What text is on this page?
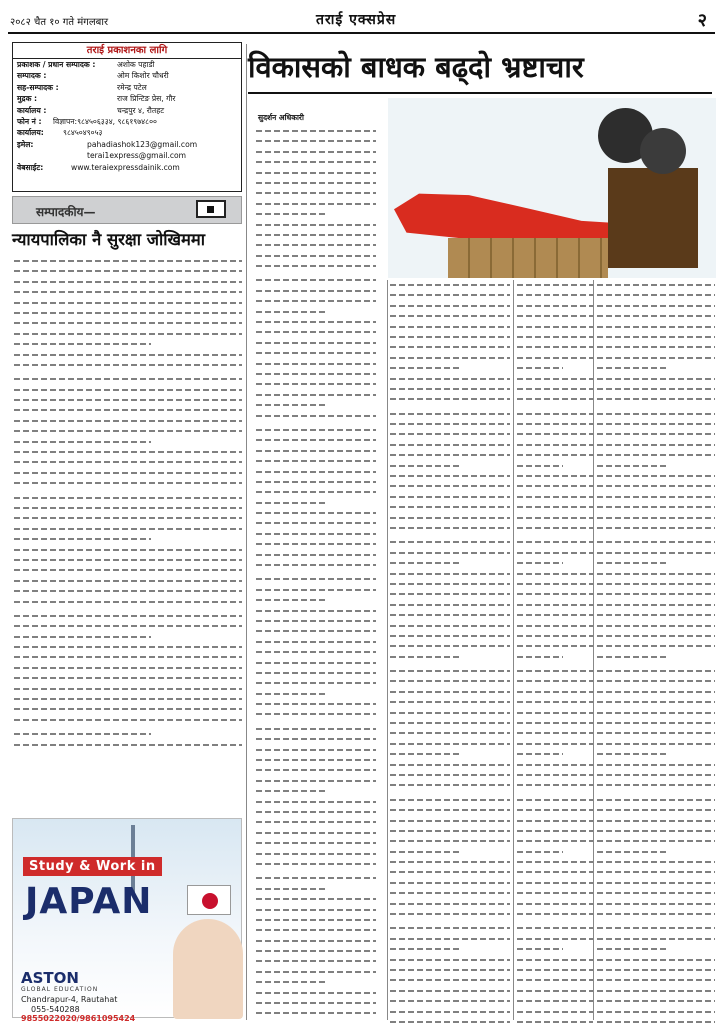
२०८२ चैत १० गते मंगलबार	तराई एक्सप्रेस	२
तराई प्रकाशनका लागि
प्रकाशक / प्रधान सम्पादक :	अशोक पहाडी
सम्पादक :	ओम किशोर चौधरी
सह-सम्पादक :	रमेन्द्र पटेल
मुद्रक :	राज प्रिन्टिङ प्रेस, गौर
कार्यालय :	चन्द्रपुर ४, रौतहट
फोन नं : विज्ञापन:९८४५०६३३४, ९८६१९७४८००
कार्यालय:	९८४५०४९०५३
इमेल:	pahadiashok123@gmail.com
terai1express@gmail.com
वेबसाईट:	www.teraiexpressdainik.com
सम्पादकीय—
न्यायपालिका नै सुरक्षा जोखिममा
Study & Work in
JAPAN
ASTON
GLOBAL EDUCATION
Chandrapur-4, Rautahat
055-540288
9855022020/9861095424
विकासको बाधक बढ्दो भ्रष्टाचार
सुदर्शन अधिकारी
